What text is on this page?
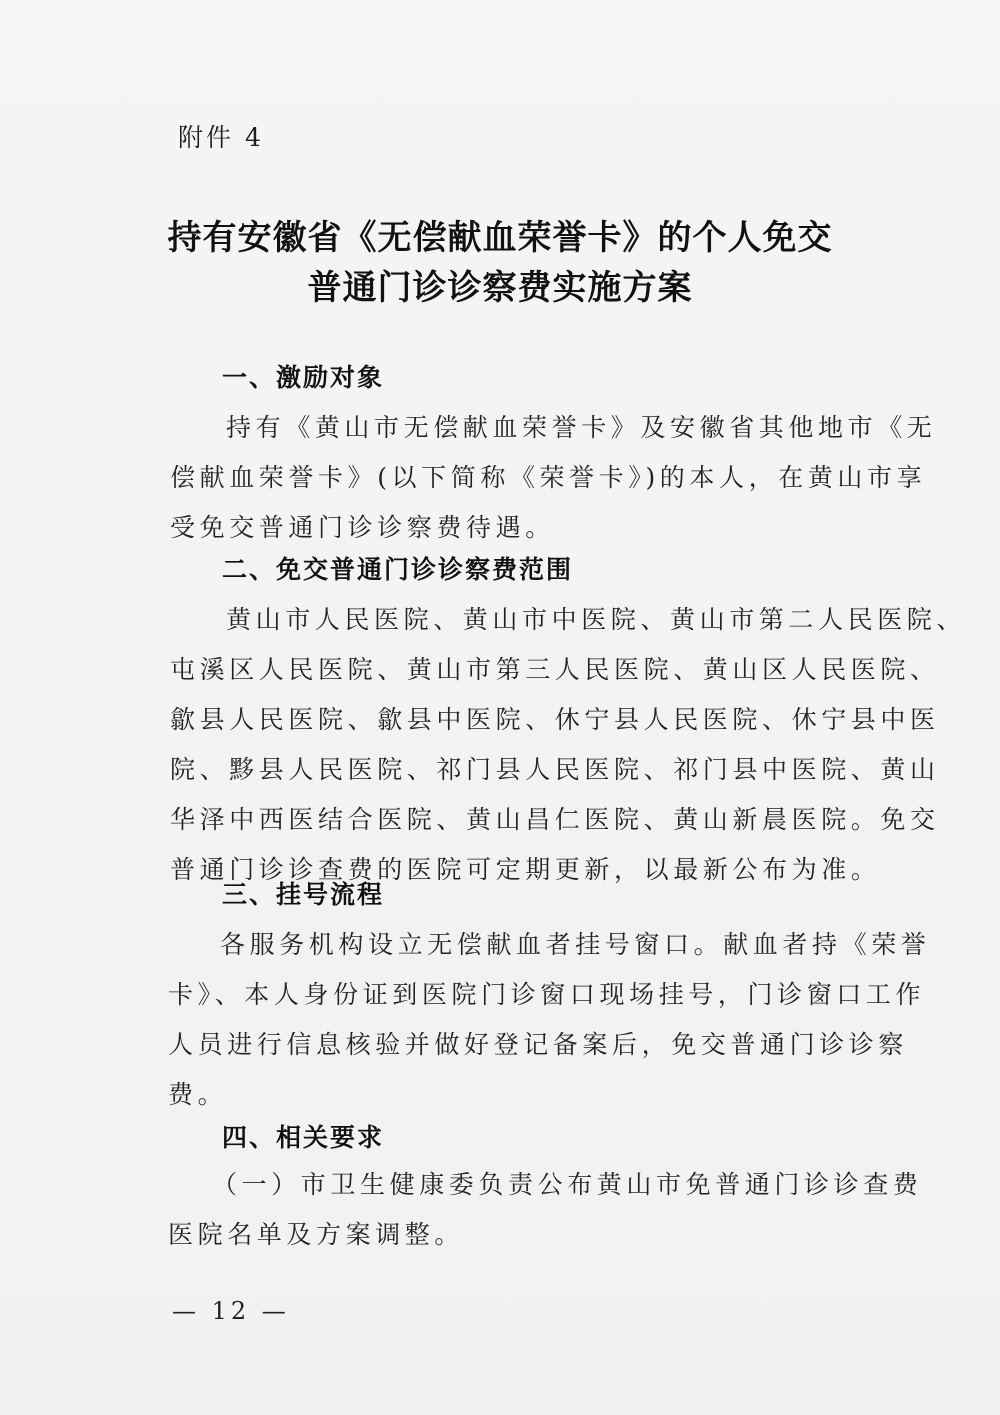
附件 4
持有安徽省《无偿献血荣誉卡》的个人免交
普通门诊诊察费实施方案
一、激励对象
持有《黄山市无偿献血荣誉卡》及安徽省其他地市《无
偿献血荣誉卡》(以下简称《荣誉卡》)的本人，在黄山市享
受免交普通门诊诊察费待遇。
二、免交普通门诊诊察费范围
黄山市人民医院、黄山市中医院、黄山市第二人民医院、
屯溪区人民医院、黄山市第三人民医院、黄山区人民医院、
歙县人民医院、歙县中医院、休宁县人民医院、休宁县中医
院、黟县人民医院、祁门县人民医院、祁门县中医院、黄山
华泽中西医结合医院、黄山昌仁医院、黄山新晨医院。免交
普通门诊诊查费的医院可定期更新，以最新公布为准。
三、挂号流程
各服务机构设立无偿献血者挂号窗口。献血者持《荣誉
卡》、本人身份证到医院门诊窗口现场挂号，门诊窗口工作
人员进行信息核验并做好登记备案后，免交普通门诊诊察
费。
四、相关要求
（一）市卫生健康委负责公布黄山市免普通门诊诊查费
医院名单及方案调整。
— 12 —
